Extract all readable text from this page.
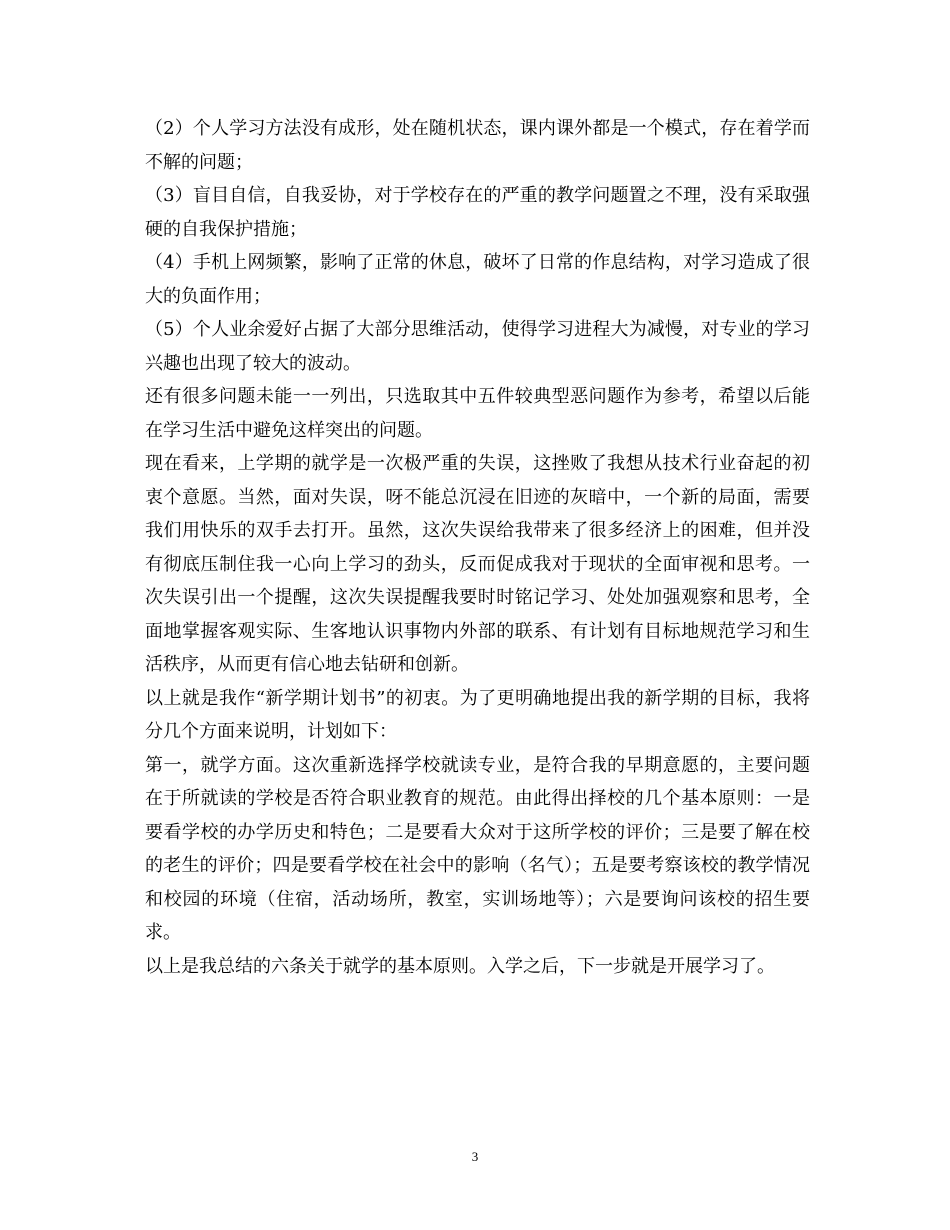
（2）个人学习方法没有成形，处在随机状态，课内课外都是一个模式，存在着学而不解的问题；

（3）盲目自信，自我妥协，对于学校存在的严重的教学问题置之不理，没有采取强硬的自我保护措施；

（4）手机上网频繁，影响了正常的休息，破坏了日常的作息结构，对学习造成了很大的负面作用；

（5）个人业余爱好占据了大部分思维活动，使得学习进程大为减慢，对专业的学习兴趣也出现了较大的波动。

还有很多问题未能一一列出，只选取其中五件较典型恶问题作为参考，希望以后能在学习生活中避免这样突出的问题。

现在看来，上学期的就学是一次极严重的失误，这挫败了我想从技术行业奋起的初衷个意愿。当然，面对失误，呀不能总沉浸在旧迹的灰暗中，一个新的局面，需要我们用快乐的双手去打开。虽然，这次失误给我带来了很多经济上的困难，但并没有彻底压制住我一心向上学习的劲头，反而促成我对于现状的全面审视和思考。一次失误引出一个提醒，这次失误提醒我要时时铭记学习、处处加强观察和思考，全面地掌握客观实际、生客地认识事物内外部的联系、有计划有目标地规范学习和生活秩序，从而更有信心地去钻研和创新。

以上就是我作“新学期计划书”的初衷。为了更明确地提出我的新学期的目标，我将分几个方面来说明，计划如下：

第一，就学方面。这次重新选择学校就读专业，是符合我的早期意愿的，主要问题在于所就读的学校是否符合职业教育的规范。由此得出择校的几个基本原则：一是要看学校的办学历史和特色；二是要看大众对于这所学校的评价；三是要了解在校的老生的评价；四是要看学校在社会中的影响（名气）；五是要考察该校的教学情况和校园的环境（住宿，活动场所，教室，实训场地等）；六是要询问该校的招生要求。

以上是我总结的六条关于就学的基本原则。入学之后，下一步就是开展学习了。

3
